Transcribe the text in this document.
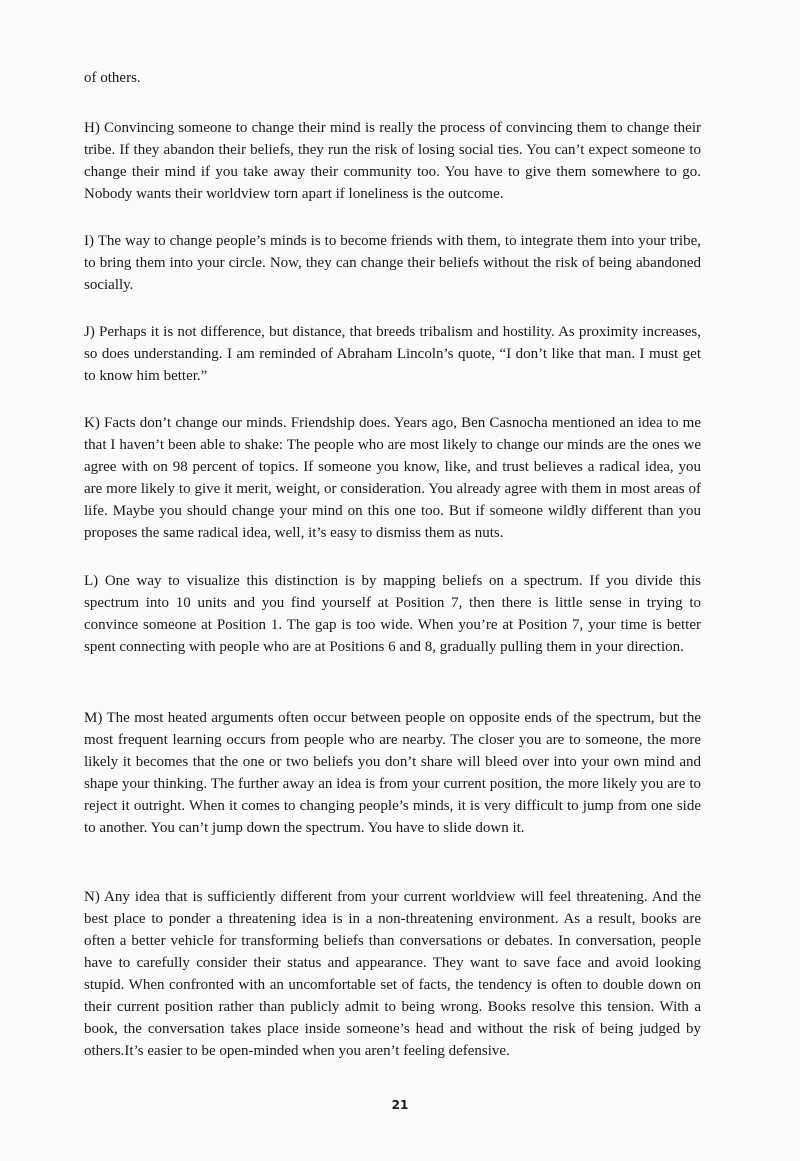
of others.

H) Convincing someone to change their mind is really the process of convincing them to change their tribe. If they abandon their beliefs, they run the risk of losing social ties. You can’t expect someone to change their mind if you take away their community too. You have to give them somewhere to go. Nobody wants their worldview torn apart if loneliness is the outcome.

I) The way to change people’s minds is to become friends with them, to integrate them into your tribe, to bring them into your circle. Now, they can change their beliefs without the risk of being abandoned socially.

J) Perhaps it is not difference, but distance, that breeds tribalism and hostility. As proximity increases, so does understanding. I am reminded of Abraham Lincoln’s quote, “I don’t like that man. I must get to know him better.”

K) Facts don’t change our minds. Friendship does. Years ago, Ben Casnocha mentioned an idea to me that I haven’t been able to shake: The people who are most likely to change our minds are the ones we agree with on 98 percent of topics. If someone you know, like, and trust believes a radical idea, you are more likely to give it merit, weight, or consideration. You already agree with them in most areas of life. Maybe you should change your mind on this one too. But if someone wildly different than you proposes the same radical idea, well, it’s easy to dismiss them as nuts.

L) One way to visualize this distinction is by mapping beliefs on a spectrum. If you divide this spectrum into 10 units and you find yourself at Position 7, then there is little sense in trying to convince someone at Position 1. The gap is too wide. When you’re at Position 7, your time is better spent connecting with people who are at Positions 6 and 8, gradually pulling them in your direction.

M) The most heated arguments often occur between people on opposite ends of the spectrum, but the most frequent learning occurs from people who are nearby. The closer you are to someone, the more likely it becomes that the one or two beliefs you don’t share will bleed over into your own mind and shape your thinking. The further away an idea is from your current position, the more likely you are to reject it outright. When it comes to changing people’s minds, it is very difficult to jump from one side to another. You can’t jump down the spectrum. You have to slide down it.

N) Any idea that is sufficiently different from your current worldview will feel threatening. And the best place to ponder a threatening idea is in a non-threatening environment. As a result, books are often a better vehicle for transforming beliefs than conversations or debates. In conversation, people have to carefully consider their status and appearance. They want to save face and avoid looking stupid. When confronted with an uncomfortable set of facts, the tendency is often to double down on their current position rather than publicly admit to being wrong. Books resolve this tension. With a book, the conversation takes place inside someone’s head and without the risk of being judged by others.It’s easier to be open-minded when you aren’t feeling defensive.

21
